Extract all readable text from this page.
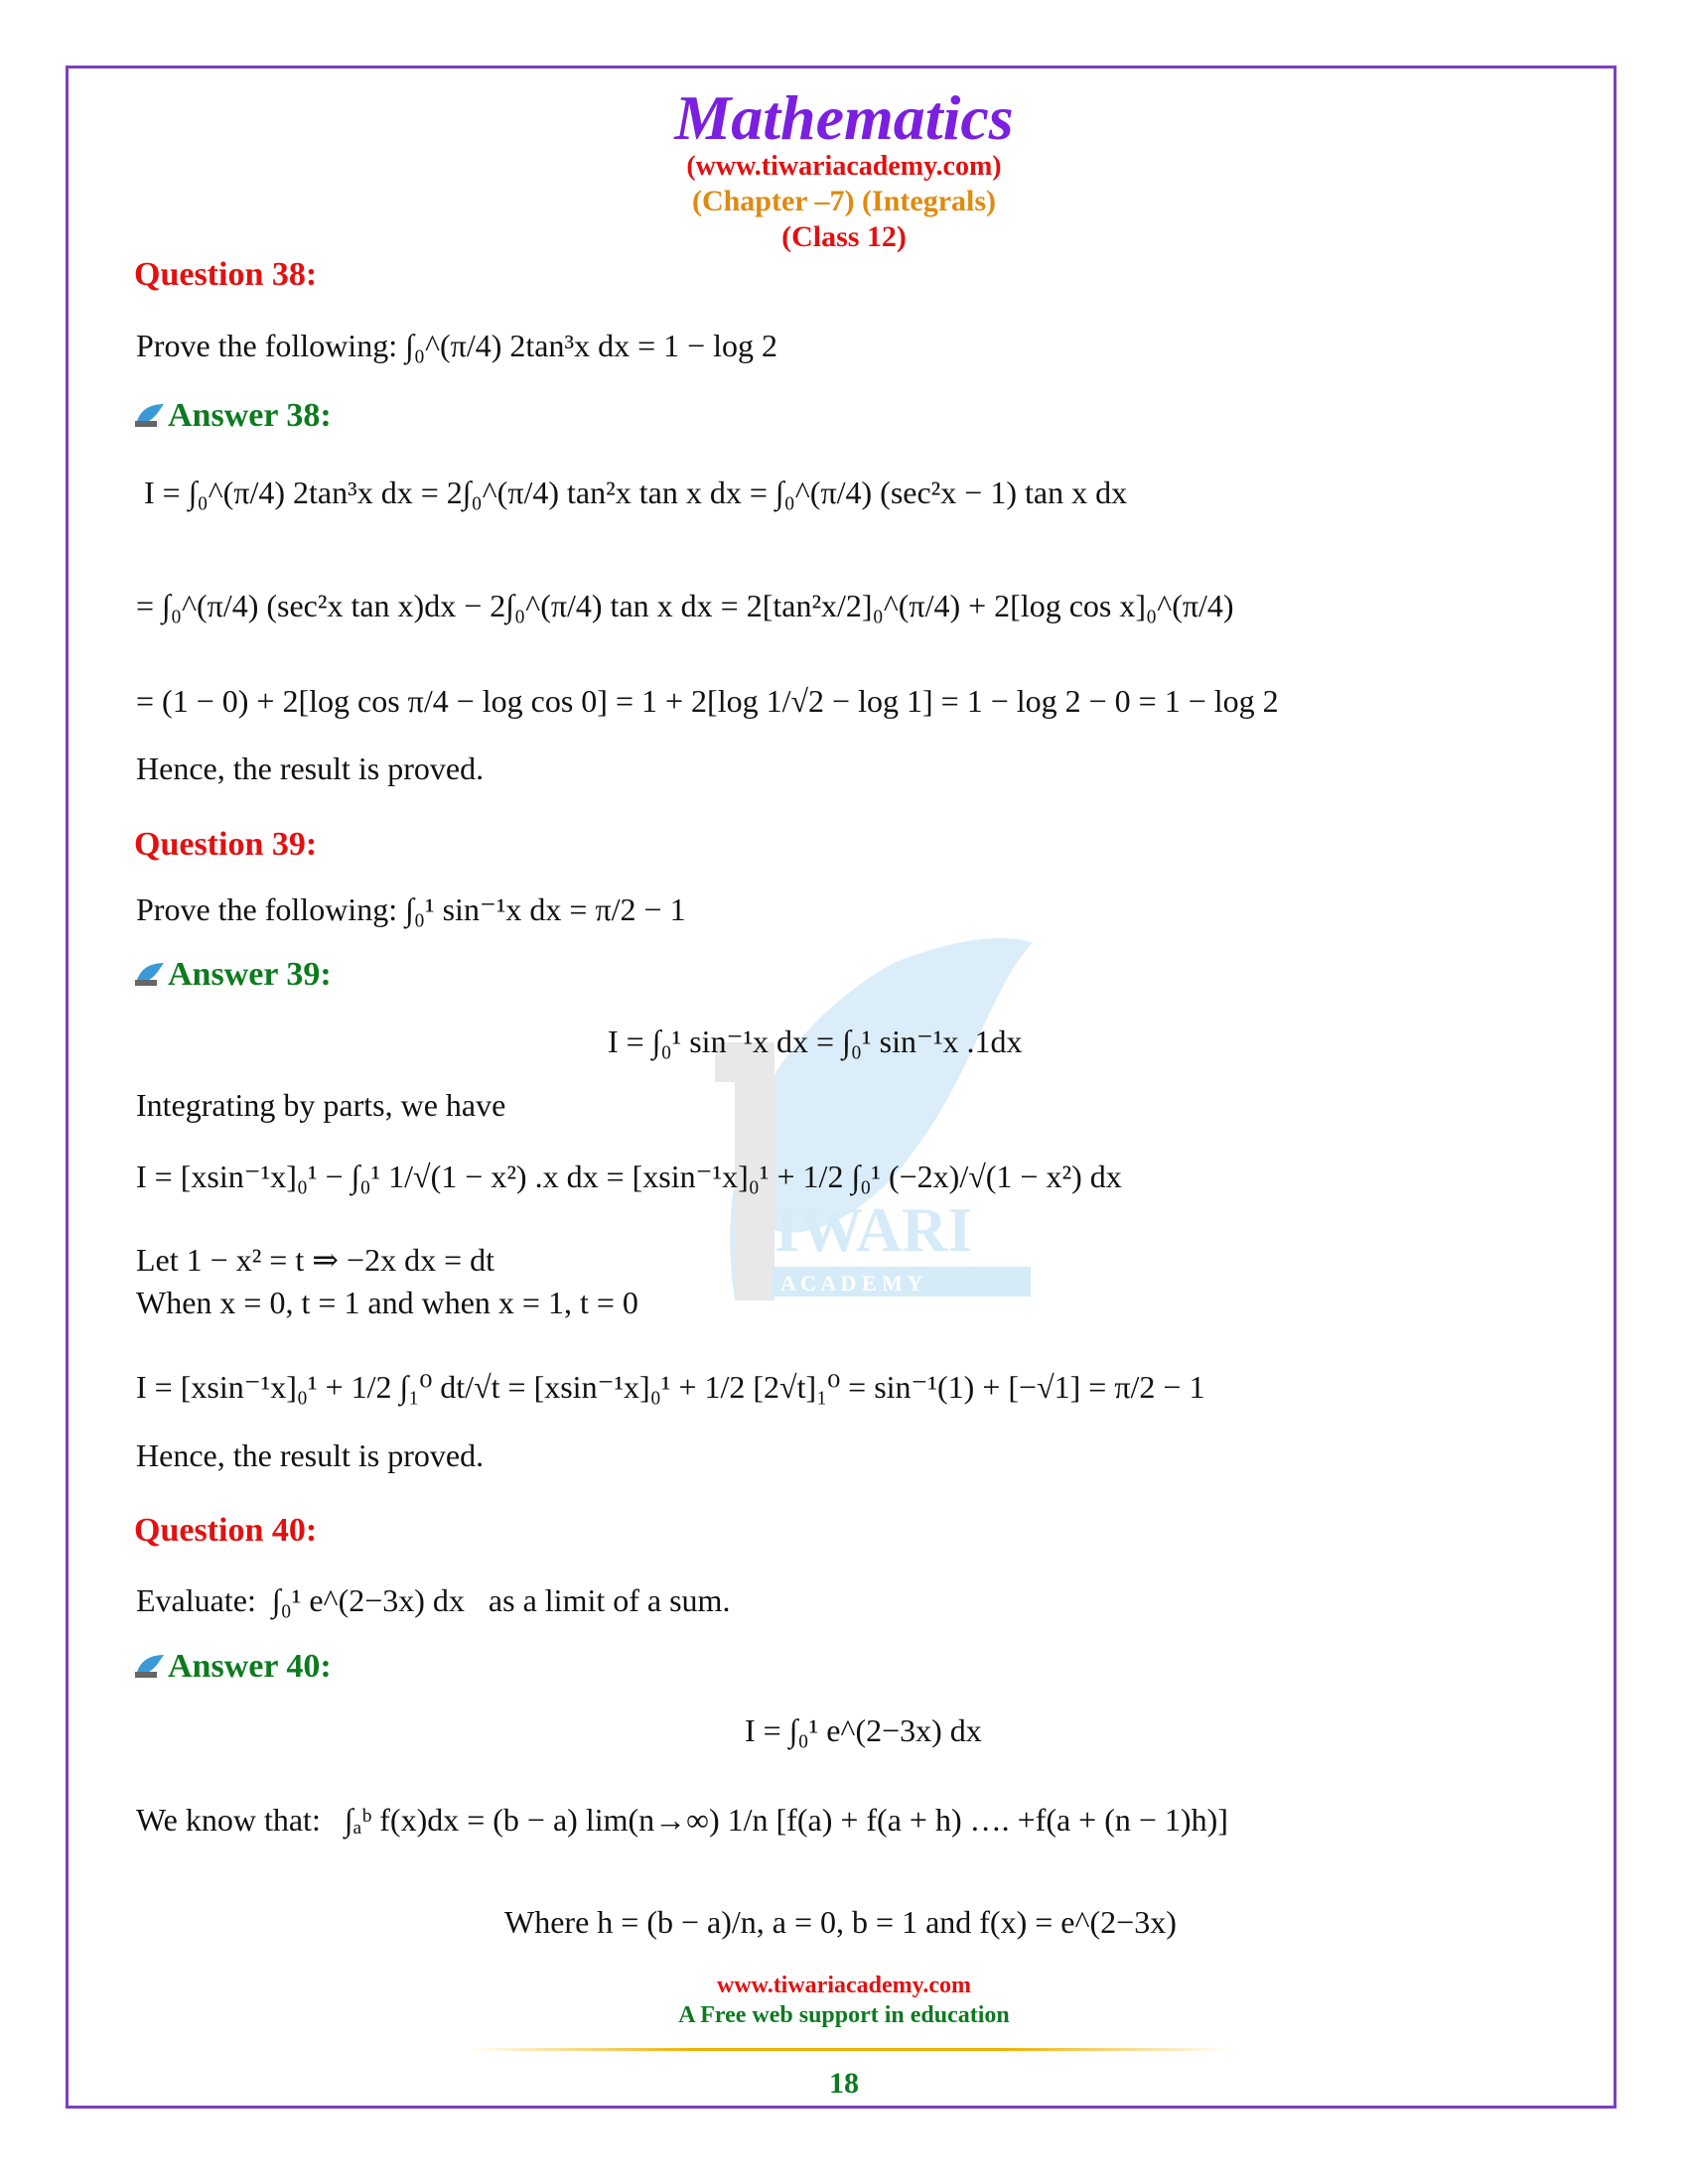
IWARI
A C A D E M Y
Mathematics
(www.tiwariacademy.com)
(Chapter –7) (Integrals)
(Class 12)
Question 38:
Prove the following: ∫₀^(π/4) 2tan³x dx = 1 − log 2
Answer 38:
I = ∫₀^(π/4) 2tan³x dx = 2∫₀^(π/4) tan²x tan x dx = ∫₀^(π/4) (sec²x − 1) tan x dx
= ∫₀^(π/4) (sec²x tan x)dx − 2∫₀^(π/4) tan x dx = 2[tan²x/2]₀^(π/4) + 2[log cos x]₀^(π/4)
= (1 − 0) + 2[log cos π/4 − log cos 0] = 1 + 2[log 1/√2 − log 1] = 1 − log 2 − 0 = 1 − log 2
Hence, the result is proved.
Question 39:
Prove the following: ∫₀¹ sin⁻¹x dx = π/2 − 1
Answer 39:
I = ∫₀¹ sin⁻¹x dx = ∫₀¹ sin⁻¹x .1dx
Integrating by parts, we have
I = [xsin⁻¹x]₀¹ − ∫₀¹ 1/√(1 − x²) .x dx = [xsin⁻¹x]₀¹ + 1/2 ∫₀¹ (−2x)/√(1 − x²) dx
Let 1 − x² = t ⇒ −2x dx = dt
When x = 0, t = 1 and when x = 1, t = 0
I = [xsin⁻¹x]₀¹ + 1/2 ∫₁⁰ dt/√t = [xsin⁻¹x]₀¹ + 1/2 [2√t]₁⁰ = sin⁻¹(1) + [−√1] = π/2 − 1
Hence, the result is proved.
Question 40:
Evaluate: ∫₀¹ e^(2−3x) dx as a limit of a sum.
Answer 40:
I = ∫₀¹ e^(2−3x) dx
We know that: ∫ₐᵇ f(x)dx = (b − a) lim(n→∞) 1/n [f(a) + f(a + h) …. +f(a + (n − 1)h)]
Where h = (b − a)/n, a = 0, b = 1 and f(x) = e^(2−3x)
www.tiwariacademy.com
A Free web support in education
18
